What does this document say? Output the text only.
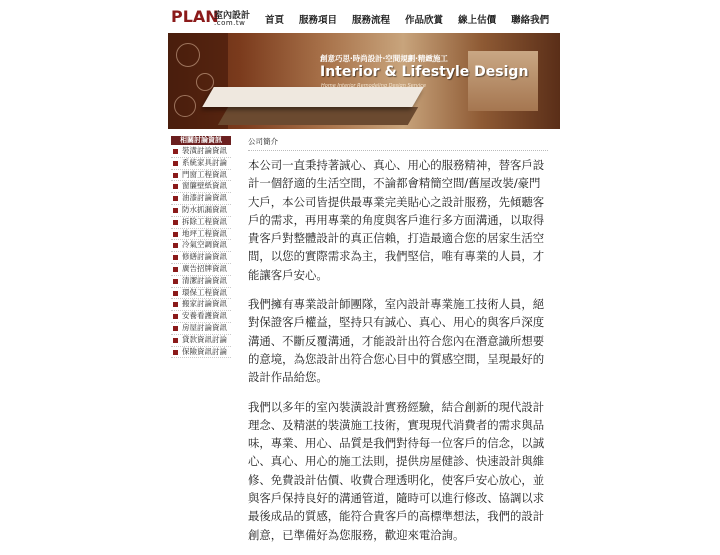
PLAN
室內設計
.com.tw 首頁 服務項目 服務流程 作品欣賞 線上估價 聯絡我們
創意巧思‧時尚設計‧空間規劃‧精緻施工
Interior & Lifestyle Design
Home Interior Remodeling Design Service
相關討論資訊
裝潢討論資訊
系統家具討論
門窗工程資訊
窗簾壁紙資訊
油漆討論資訊
防水抓漏資訊
拆除工程資訊
地坪工程資訊
冷氣空調資訊
修繕討論資訊
廣告招牌資訊
清潔討論資訊
環保工程資訊
搬家討論資訊
安養看護資訊
房屋討論資訊
貸款資訊討論
保險資訊討論
公司簡介

本公司一直秉持著誠心、真心、用心的服務精神，替客戶設計一個舒適的生活空間，不論都會精簡空間/舊屋改裝/豪門大戶，本公司皆提供最專業完美貼心之設計服務，先傾聽客戶的需求，再用專業的角度與客戶進行多方面溝通，以取得貴客戶對整體設計的真正信賴，打造最適合您的居家生活空間，以您的實際需求為主，我們堅信，唯有專業的人員，才能讓客戶安心。

我們擁有專業設計師團隊，室內設計專業施工技術人員，絕對保證客戶權益，堅持只有誠心、真心、用心的與客戶深度溝通、不斷反覆溝通，才能設計出符合您內在潛意識所想要的意境，為您設計出符合您心目中的質感空間，呈現最好的設計作品給您。

我們以多年的室內裝潢設計實務經驗，結合創新的現代設計理念、及精湛的裝潢施工技術，實現現代消費者的需求與品味，專業、用心、品質是我們對待每一位客戶的信念，以誠心、真心、用心的施工法則，提供房屋健診、快速設計與維修、免費設計估價、收費合理透明化，使客戶安心放心，並與客戶保持良好的溝通管道，隨時可以進行修改、協調以求最後成品的質感，能符合貴客戶的高標準想法，我們的設計創意，已準備好為您服務，歡迎來電洽詢。
